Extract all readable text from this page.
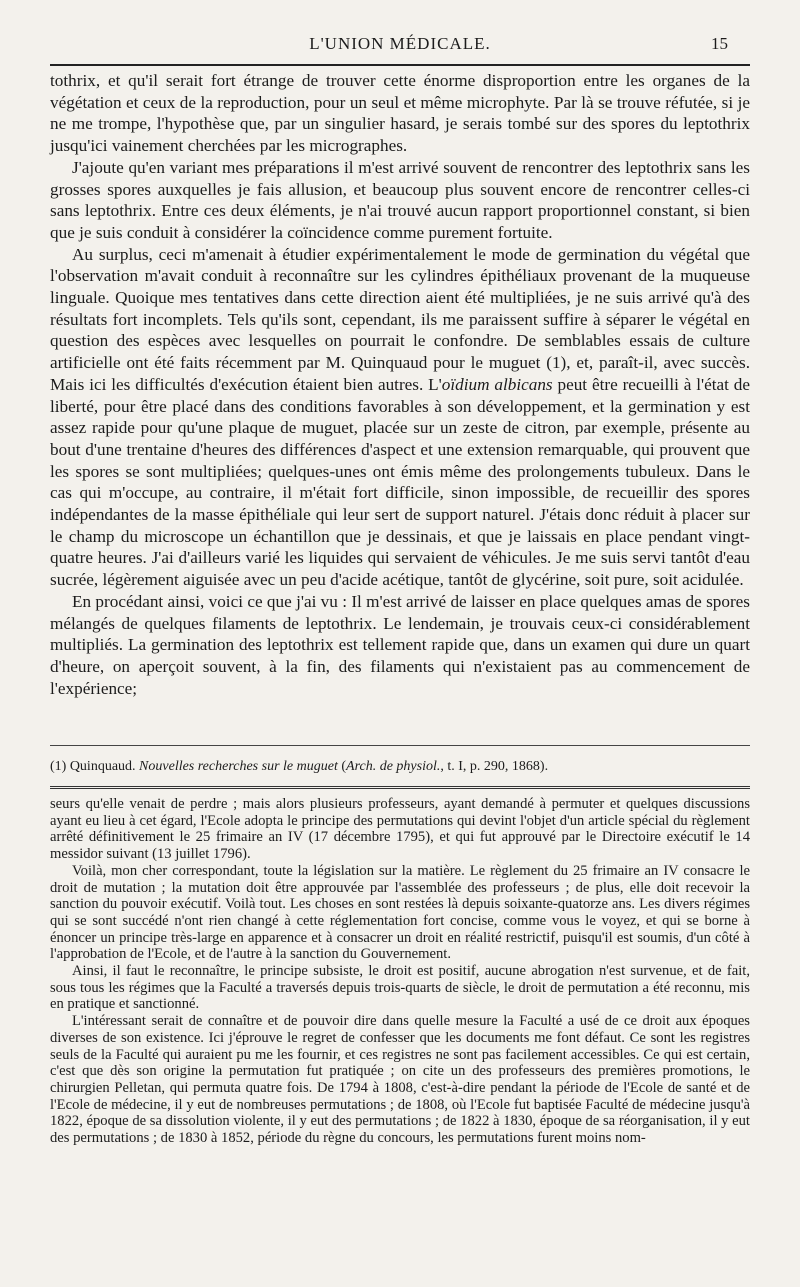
L'UNION MÉDICALE.	15

tothrix, et qu'il serait fort étrange de trouver cette énorme disproportion entre les organes de la végétation et ceux de la reproduction, pour un seul et même microphyte. Par là se trouve réfutée, si je ne me trompe, l'hypothèse que, par un singulier hasard, je serais tombé sur des spores du leptothrix jusqu'ici vainement cherchées par les micrographes.

J'ajoute qu'en variant mes préparations il m'est arrivé souvent de rencontrer des leptothrix sans les grosses spores auxquelles je fais allusion, et beaucoup plus souvent encore de rencontrer celles-ci sans leptothrix. Entre ces deux éléments, je n'ai trouvé aucun rapport proportionnel constant, si bien que je suis conduit à considérer la coïncidence comme purement fortuite.

Au surplus, ceci m'amenait à étudier expérimentalement le mode de germination du végétal que l'observation m'avait conduit à reconnaître sur les cylindres épithéliaux provenant de la muqueuse linguale. Quoique mes tentatives dans cette direction aient été multipliées, je ne suis arrivé qu'à des résultats fort incomplets. Tels qu'ils sont, cependant, ils me paraissent suffire à séparer le végétal en question des espèces avec lesquelles on pourrait le confondre. De semblables essais de culture artificielle ont été faits récemment par M. Quinquaud pour le muguet (1), et, paraît-il, avec succès. Mais ici les difficultés d'exécution étaient bien autres. L'oïdium albicans peut être recueilli à l'état de liberté, pour être placé dans des conditions favorables à son développement, et la germination y est assez rapide pour qu'une plaque de muguet, placée sur un zeste de citron, par exemple, présente au bout d'une trentaine d'heures des différences d'aspect et une extension remarquable, qui prouvent que les spores se sont multipliées; quelques-unes ont émis même des prolongements tubuleux. Dans le cas qui m'occupe, au contraire, il m'était fort difficile, sinon impossible, de recueillir des spores indépendantes de la masse épithéliale qui leur sert de support naturel. J'étais donc réduit à placer sur le champ du microscope un échantillon que je dessinais, et que je laissais en place pendant vingt-quatre heures. J'ai d'ailleurs varié les liquides qui servaient de véhicules. Je me suis servi tantôt d'eau sucrée, légèrement aiguisée avec un peu d'acide acétique, tantôt de glycérine, soit pure, soit acidulée.

En procédant ainsi, voici ce que j'ai vu : Il m'est arrivé de laisser en place quelques amas de spores mélangés de quelques filaments de leptothrix. Le lendemain, je trouvais ceux-ci considérablement multipliés. La germination des leptothrix est tellement rapide que, dans un examen qui dure un quart d'heure, on aperçoit souvent, à la fin, des filaments qui n'existaient pas au commencement de l'expérience;

(1) Quinquaud. Nouvelles recherches sur le muguet (Arch. de physiol., t. I, p. 290, 1868).

seurs qu'elle venait de perdre ; mais alors plusieurs professeurs, ayant demandé à permuter et quelques discussions ayant eu lieu à cet égard, l'Ecole adopta le principe des permutations qui devint l'objet d'un article spécial du règlement arrêté définitivement le 25 frimaire an IV (17 décembre 1795), et qui fut approuvé par le Directoire exécutif le 14 messidor suivant (13 juillet 1796).

Voilà, mon cher correspondant, toute la législation sur la matière. Le règlement du 25 frimaire an IV consacre le droit de mutation ; la mutation doit être approuvée par l'assemblée des professeurs ; de plus, elle doit recevoir la sanction du pouvoir exécutif. Voilà tout. Les choses en sont restées là depuis soixante-quatorze ans. Les divers régimes qui se sont succédé n'ont rien changé à cette réglementation fort concise, comme vous le voyez, et qui se borne à énoncer un principe très-large en apparence et à consacrer un droit en réalité restrictif, puisqu'il est soumis, d'un côté à l'approbation de l'Ecole, et de l'autre à la sanction du Gouvernement.

Ainsi, il faut le reconnaître, le principe subsiste, le droit est positif, aucune abrogation n'est survenue, et de fait, sous tous les régimes que la Faculté a traversés depuis trois-quarts de siècle, le droit de permutation a été reconnu, mis en pratique et sanctionné.

L'intéressant serait de connaître et de pouvoir dire dans quelle mesure la Faculté a usé de ce droit aux époques diverses de son existence. Ici j'éprouve le regret de confesser que les documents me font défaut. Ce sont les registres seuls de la Faculté qui auraient pu me les fournir, et ces registres ne sont pas facilement accessibles. Ce qui est certain, c'est que dès son origine la permutation fut pratiquée ; on cite un des professeurs des premières promotions, le chirurgien Pelletan, qui permuta quatre fois. De 1794 à 1808, c'est-à-dire pendant la période de l'Ecole de santé et de l'Ecole de médecine, il y eut de nombreuses permutations ; de 1808, où l'Ecole fut baptisée Faculté de médecine jusqu'à 1822, époque de sa dissolution violente, il y eut des permutations ; de 1822 à 1830, époque de sa réorganisation, il y eut des permutations ; de 1830 à 1852, période du règne du concours, les permutations furent moins nom-
